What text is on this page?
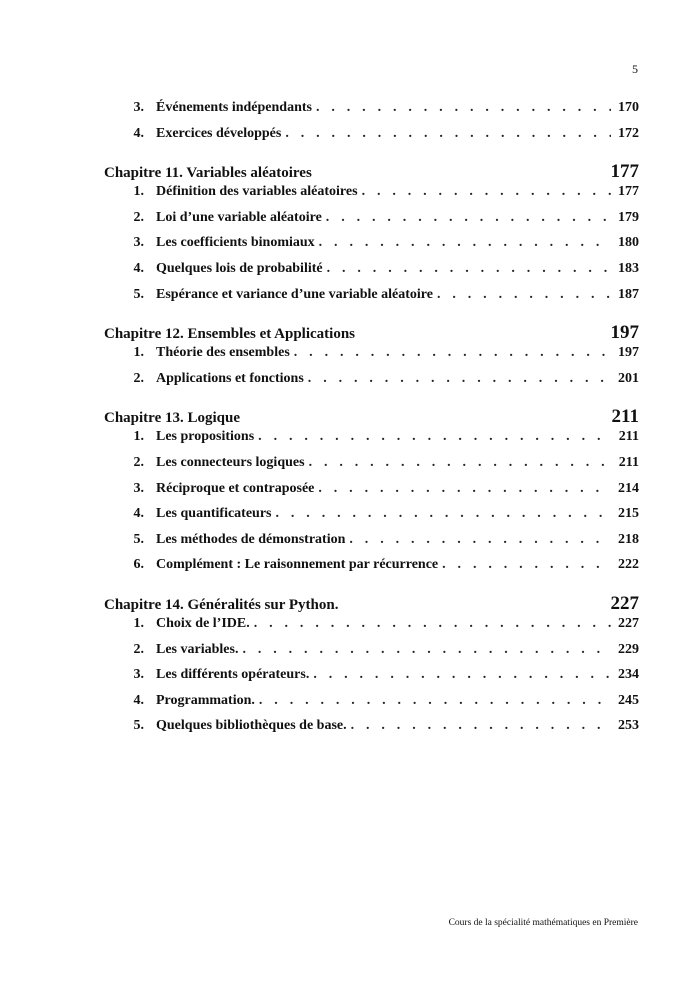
5
3. Événements indépendants . . .	170
4. Exercices développés . . .	172
Chapitre 11. Variables aléatoires	177
1. Définition des variables aléatoires . . .	177
2. Loi d’une variable aléatoire . . .	179
3. Les coefficients binomiaux . . .	180
4. Quelques lois de probabilité . . .	183
5. Espérance et variance d’une variable aléatoire . . .	187
Chapitre 12. Ensembles et Applications	197
1. Théorie des ensembles . . .	197
2. Applications et fonctions . . .	201
Chapitre 13. Logique	211
1. Les propositions . . .	211
2. Les connecteurs logiques . . .	211
3. Réciproque et contraposée . . .	214
4. Les quantificateurs . . .	215
5. Les méthodes de démonstration . . .	218
6. Complément : Le raisonnement par récurrence . . .	222
Chapitre 14. Généralités sur Python.	227
1. Choix de l’IDE. . . .	227
2. Les variables. . . .	229
3. Les différents opérateurs. . . .	234
4. Programmation. . . .	245
5. Quelques bibliothèques de base. . . .	253
Cours de la spécialité mathématiques en Première
